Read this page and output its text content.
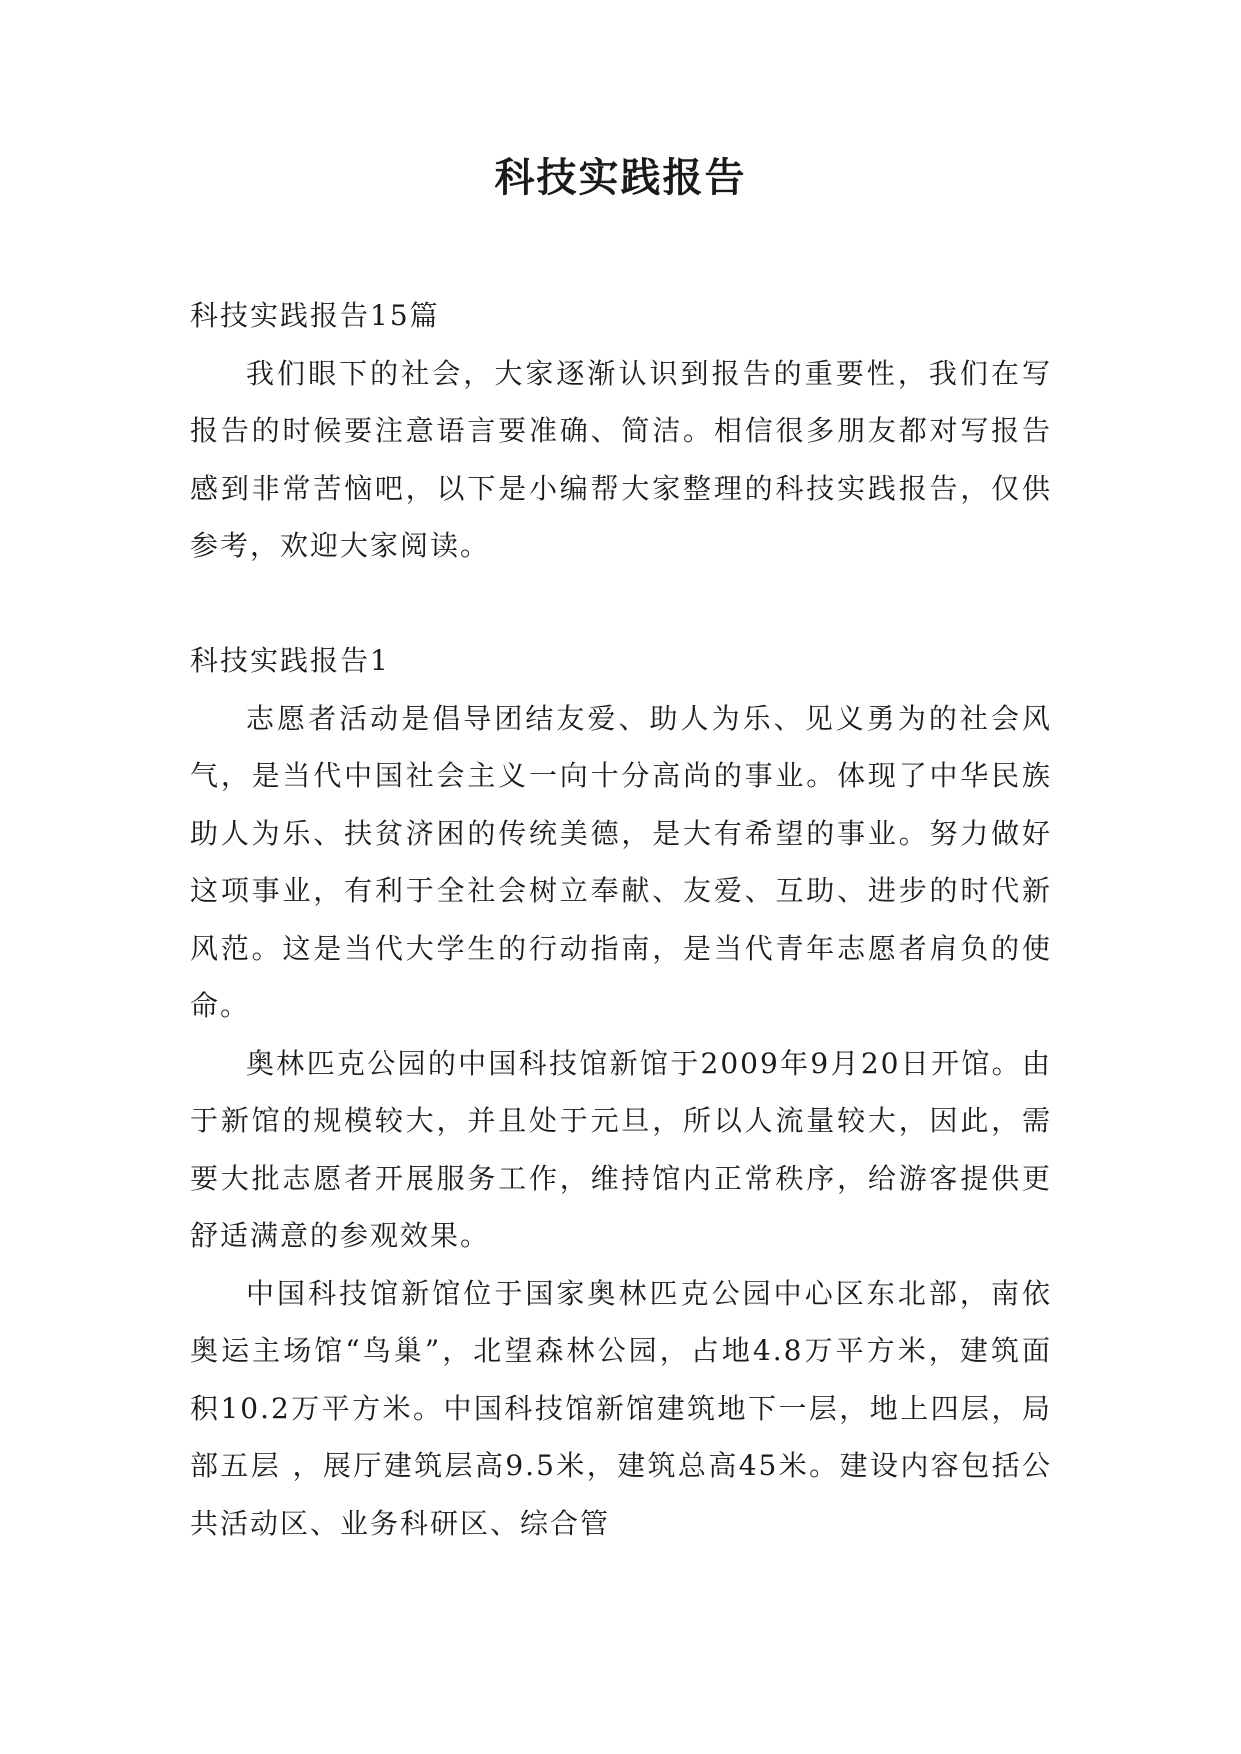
科技实践报告

科技实践报告15篇

我们眼下的社会，大家逐渐认识到报告的重要性，我们在写报告的时候要注意语言要准确、简洁。相信很多朋友都对写报告感到非常苦恼吧，以下是小编帮大家整理的科技实践报告，仅供参考，欢迎大家阅读。

科技实践报告1

志愿者活动是倡导团结友爱、助人为乐、见义勇为的社会风气，是当代中国社会主义一向十分高尚的事业。体现了中华民族助人为乐、扶贫济困的传统美德，是大有希望的事业。努力做好这项事业，有利于全社会树立奉献、友爱、互助、进步的时代新风范。这是当代大学生的行动指南，是当代青年志愿者肩负的使命。

奥林匹克公园的中国科技馆新馆于2009年9月20日开馆。由于新馆的规模较大，并且处于元旦，所以人流量较大，因此，需要大批志愿者开展服务工作，维持馆内正常秩序，给游客提供更舒适满意的参观效果。

中国科技馆新馆位于国家奥林匹克公园中心区东北部，南依奥运主场馆“鸟巢”，北望森林公园，占地4.8万平方米，建筑面积10.2万平方米。中国科技馆新馆建筑地下一层，地上四层，局部五层 ，展厅建筑层高9.5米，建筑总高45米。建设内容包括公共活动区、业务科研区、综合管
